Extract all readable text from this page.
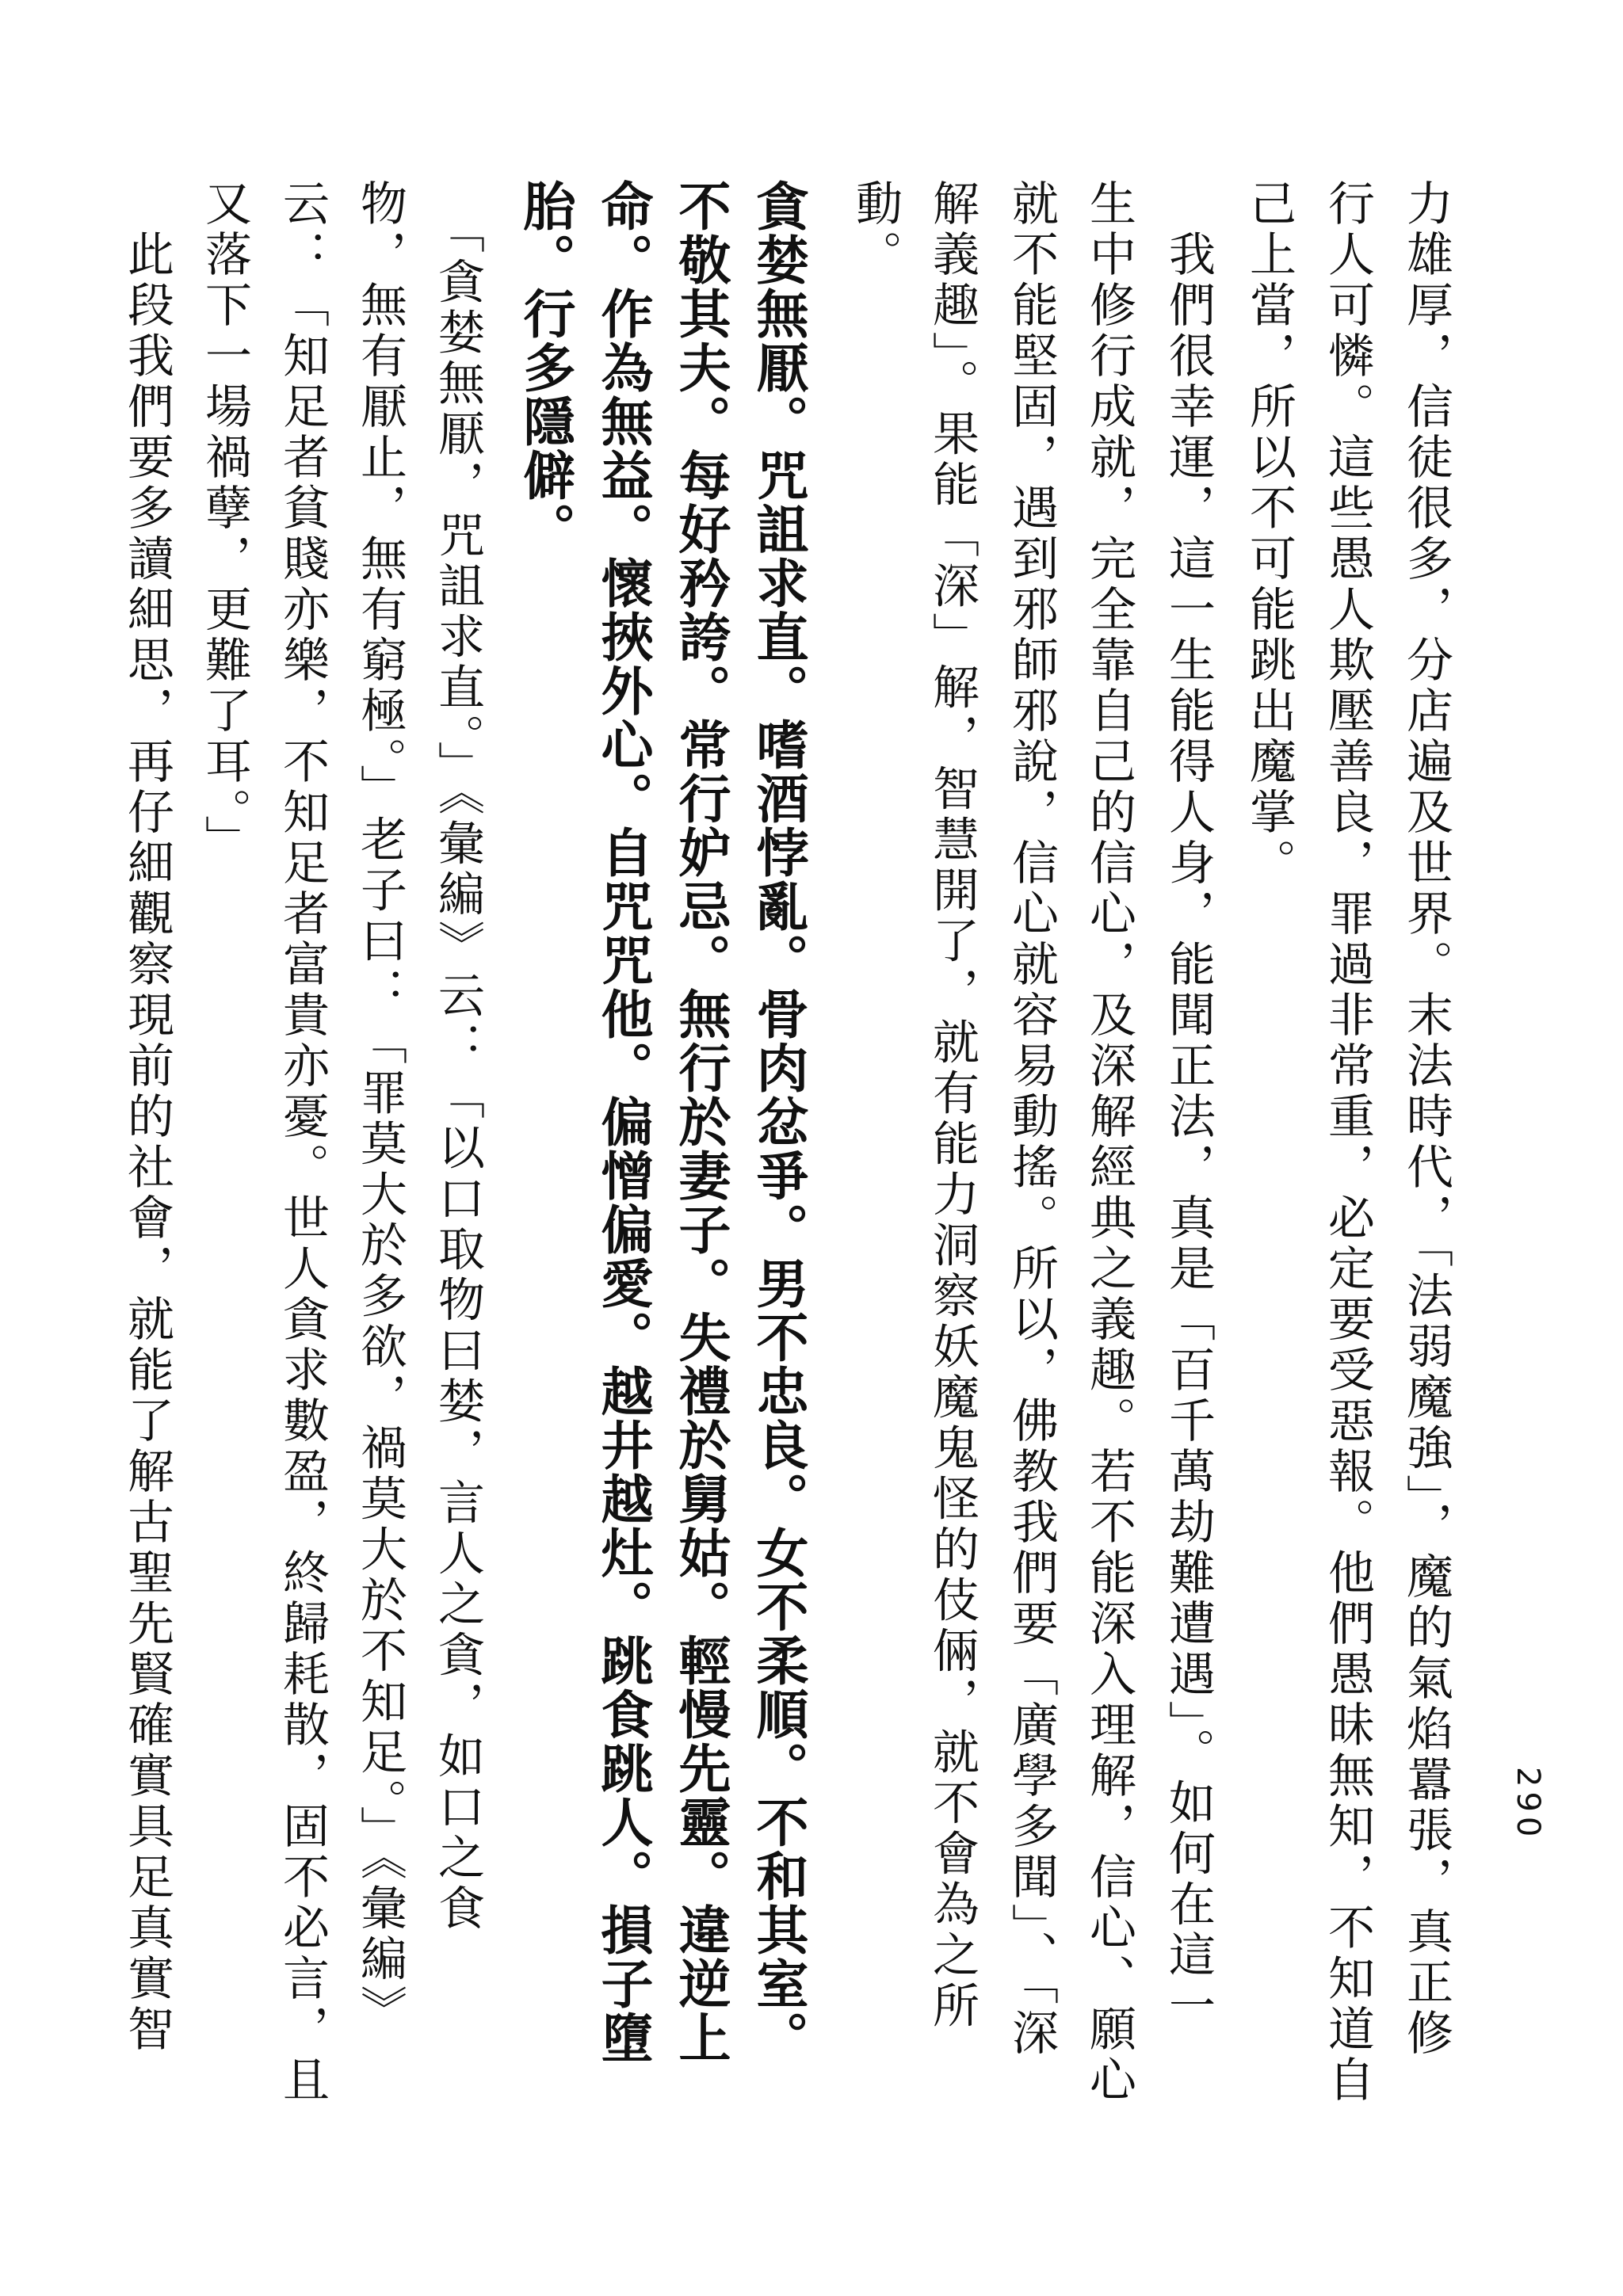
290
力雄厚，信徒很多，分店遍及世界。末法時代，「法弱魔強」，魔的氣焰囂張，真正修
行人可憐。這些愚人欺壓善良，罪過非常重，必定要受惡報。他們愚昧無知，不知道自
己上當，所以不可能跳出魔掌。
　我們很幸運，這一生能得人身，能聞正法，真是「百千萬劫難遭遇」。如何在這一
生中修行成就，完全靠自己的信心，及深解經典之義趣。若不能深入理解，信心、願心
就不能堅固，遇到邪師邪說，信心就容易動搖。所以，佛教我們要「廣學多聞」、「深
解義趣」。果能「深」解，智慧開了，就有能力洞察妖魔鬼怪的伎倆，就不會為之所
動。
貪婪無厭。咒詛求直。嗜酒悖亂。骨肉忿爭。男不忠良。女不柔順。不和其室。
不敬其夫。每好矜誇。常行妒忌。無行於妻子。失禮於舅姑。輕慢先靈。違逆上
命。作為無益。懷挾外心。自咒咒他。偏憎偏愛。越井越灶。跳食跳人。損子墮
胎。行多隱僻。
　「貪婪無厭，咒詛求直。」《彙編》云：「以口取物曰婪，言人之貪，如口之食
物，無有厭止，無有窮極。」老子曰：「罪莫大於多欲，禍莫大於不知足。」《彙編》
云：「知足者貧賤亦樂，不知足者富貴亦憂。世人貪求數盈，終歸耗散，固不必言，且
又落下一場禍孽，更難了耳。」
　此段我們要多讀細思，再仔細觀察現前的社會，就能了解古聖先賢確實具足真實智
